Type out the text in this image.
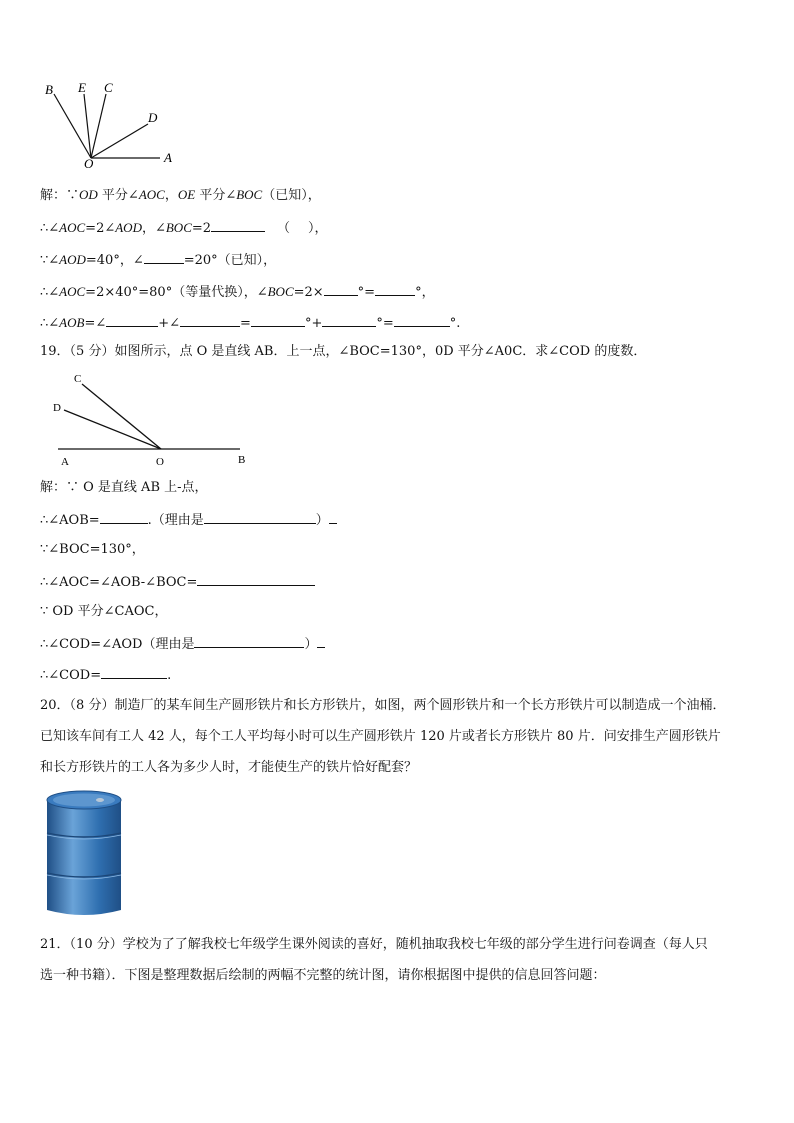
B E C
D
O	A
解：∵OD 平分∠AOC，OE 平分∠BOC（已知），
∴∠AOC=2∠AOD，∠BOC=2	（ ），
∵∠AOD=40°，∠	=20°（已知），
∴∠AOC=2×40°=80°（等量代换），∠BOC=2×	°=	°，
∴∠AOB=∠	+∠	=	°+	°=	°.
19．（5 分）如图所示，点 O 是直线 AB．上一点，∠BOC=130°，0D 平分∠A0C．求∠COD 的度数．
C
D
A	O	B
解：∵ O 是直线 AB 上-点，
∴∠AOB=	.（理由是	）
∵∠BOC=130°，
∴∠AOC=∠AOB-∠BOC=
∵ OD 平分∠CAOC，
∴∠COD=∠AOD（理由是	）
∴∠COD=	.
20．（8 分）制造厂的某车间生产圆形铁片和长方形铁片，如图，两个圆形铁片和一个长方形铁片可以制造成一个油桶．
已知该车间有工人 42 人，每个工人平均每小时可以生产圆形铁片 120 片或者长方形铁片 80 片．问安排生产圆形铁片
和长方形铁片的工人各为多少人时，才能使生产的铁片恰好配套？
21．（10 分）学校为了了解我校七年级学生课外阅读的喜好，随机抽取我校七年级的部分学生进行问卷调查（每人只
选一种书籍）．下图是整理数据后绘制的两幅不完整的统计图，请你根据图中提供的信息回答问题：
